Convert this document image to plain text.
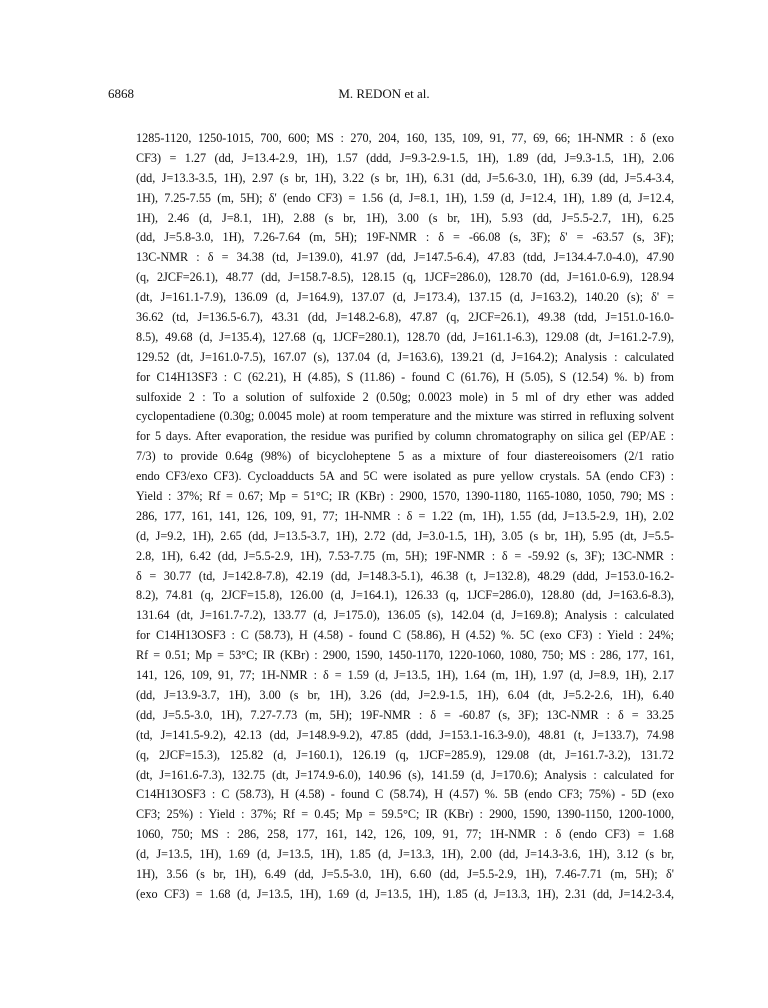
6868	M. REDON et al.
1285-1120, 1250-1015, 700, 600; MS : 270, 204, 160, 135, 109, 91, 77, 69, 66; 1H-NMR : δ (exo
CF3) = 1.27 (dd, J=13.4-2.9, 1H), 1.57 (ddd, J=9.3-2.9-1.5, 1H), 1.89 (dd, J=9.3-1.5, 1H), 2.06
(dd, J=13.3-3.5, 1H), 2.97 (s br, 1H), 3.22 (s br, 1H), 6.31 (dd, J=5.6-3.0, 1H), 6.39 (dd, J=5.4-3.4,
1H), 7.25-7.55 (m, 5H); δ' (endo CF3) = 1.56 (d, J=8.1, 1H), 1.59 (d, J=12.4, 1H), 1.89 (d, J=12.4,
1H), 2.46 (d, J=8.1, 1H), 2.88 (s br, 1H), 3.00 (s br, 1H), 5.93 (dd, J=5.5-2.7, 1H), 6.25
(dd, J=5.8-3.0, 1H), 7.26-7.64 (m, 5H); 19F-NMR : δ = -66.08 (s, 3F); δ' = -63.57 (s, 3F);
13C-NMR : δ = 34.38 (td, J=139.0), 41.97 (dd, J=147.5-6.4), 47.83 (tdd, J=134.4-7.0-4.0), 47.90
(q, 2JCF=26.1), 48.77 (dd, J=158.7-8.5), 128.15 (q, 1JCF=286.0), 128.70 (dd, J=161.0-6.9), 128.94
(dt, J=161.1-7.9), 136.09 (d, J=164.9), 137.07 (d, J=173.4), 137.15 (d, J=163.2), 140.20 (s); δ' =
36.62 (td, J=136.5-6.7), 43.31 (dd, J=148.2-6.8), 47.87 (q, 2JCF=26.1), 49.38 (tdd, J=151.0-16.0-
8.5), 49.68 (d, J=135.4), 127.68 (q, 1JCF=280.1), 128.70 (dd, J=161.1-6.3), 129.08 (dt, J=161.2-7.9),
129.52 (dt, J=161.0-7.5), 167.07 (s), 137.04 (d, J=163.6), 139.21 (d, J=164.2); Analysis : calculated
for C14H13SF3 : C (62.21), H (4.85), S (11.86) - found C (61.76), H (5.05), S (12.54) %. b) from
sulfoxide 2 : To a solution of sulfoxide 2 (0.50g; 0.0023 mole) in 5 ml of dry ether was added
cyclopentadiene (0.30g; 0.0045 mole) at room temperature and the mixture was stirred in refluxing solvent
for 5 days. After evaporation, the residue was purified by column chromatography on silica gel (EP/AE :
7/3) to provide 0.64g (98%) of bicycloheptene 5 as a mixture of four diastereoisomers (2/1 ratio
endo CF3/exo CF3). Cycloadducts 5A and 5C were isolated as pure yellow crystals. 5A (endo CF3) :
Yield : 37%; Rf = 0.67; Mp = 51°C; IR (KBr) : 2900, 1570, 1390-1180, 1165-1080, 1050, 790; MS :
286, 177, 161, 141, 126, 109, 91, 77; 1H-NMR : δ = 1.22 (m, 1H), 1.55 (dd, J=13.5-2.9, 1H), 2.02
(d, J=9.2, 1H), 2.65 (dd, J=13.5-3.7, 1H), 2.72 (dd, J=3.0-1.5, 1H), 3.05 (s br, 1H), 5.95 (dt, J=5.5-
2.8, 1H), 6.42 (dd, J=5.5-2.9, 1H), 7.53-7.75 (m, 5H); 19F-NMR : δ = -59.92 (s, 3F); 13C-NMR :
δ = 30.77 (td, J=142.8-7.8), 42.19 (dd, J=148.3-5.1), 46.38 (t, J=132.8), 48.29 (ddd, J=153.0-16.2-
8.2), 74.81 (q, 2JCF=15.8), 126.00 (d, J=164.1), 126.33 (q, 1JCF=286.0), 128.80 (dd, J=163.6-8.3),
131.64 (dt, J=161.7-7.2), 133.77 (d, J=175.0), 136.05 (s), 142.04 (d, J=169.8); Analysis : calculated
for C14H13OSF3 : C (58.73), H (4.58) - found C (58.86), H (4.52) %. 5C (exo CF3) : Yield : 24%;
Rf = 0.51; Mp = 53°C; IR (KBr) : 2900, 1590, 1450-1170, 1220-1060, 1080, 750; MS : 286, 177, 161,
141, 126, 109, 91, 77; 1H-NMR : δ = 1.59 (d, J=13.5, 1H), 1.64 (m, 1H), 1.97 (d, J=8.9, 1H), 2.17
(dd, J=13.9-3.7, 1H), 3.00 (s br, 1H), 3.26 (dd, J=2.9-1.5, 1H), 6.04 (dt, J=5.2-2.6, 1H), 6.40
(dd, J=5.5-3.0, 1H), 7.27-7.73 (m, 5H); 19F-NMR : δ = -60.87 (s, 3F); 13C-NMR : δ = 33.25
(td, J=141.5-9.2), 42.13 (dd, J=148.9-9.2), 47.85 (ddd, J=153.1-16.3-9.0), 48.81 (t, J=133.7), 74.98
(q, 2JCF=15.3), 125.82 (d, J=160.1), 126.19 (q, 1JCF=285.9), 129.08 (dt, J=161.7-3.2), 131.72
(dt, J=161.6-7.3), 132.75 (dt, J=174.9-6.0), 140.96 (s), 141.59 (d, J=170.6); Analysis : calculated for
C14H13OSF3 : C (58.73), H (4.58) - found C (58.74), H (4.57) %. 5B (endo CF3; 75%) - 5D (exo
CF3; 25%) : Yield : 37%; Rf = 0.45; Mp = 59.5°C; IR (KBr) : 2900, 1590, 1390-1150, 1200-1000,
1060, 750; MS : 286, 258, 177, 161, 142, 126, 109, 91, 77; 1H-NMR : δ (endo CF3) = 1.68
(d, J=13.5, 1H), 1.69 (d, J=13.5, 1H), 1.85 (d, J=13.3, 1H), 2.00 (dd, J=14.3-3.6, 1H), 3.12 (s br,
1H), 3.56 (s br, 1H), 6.49 (dd, J=5.5-3.0, 1H), 6.60 (dd, J=5.5-2.9, 1H), 7.46-7.71 (m, 5H); δ'
(exo CF3) = 1.68 (d, J=13.5, 1H), 1.69 (d, J=13.5, 1H), 1.85 (d, J=13.3, 1H), 2.31 (dd, J=14.2-3.4,
